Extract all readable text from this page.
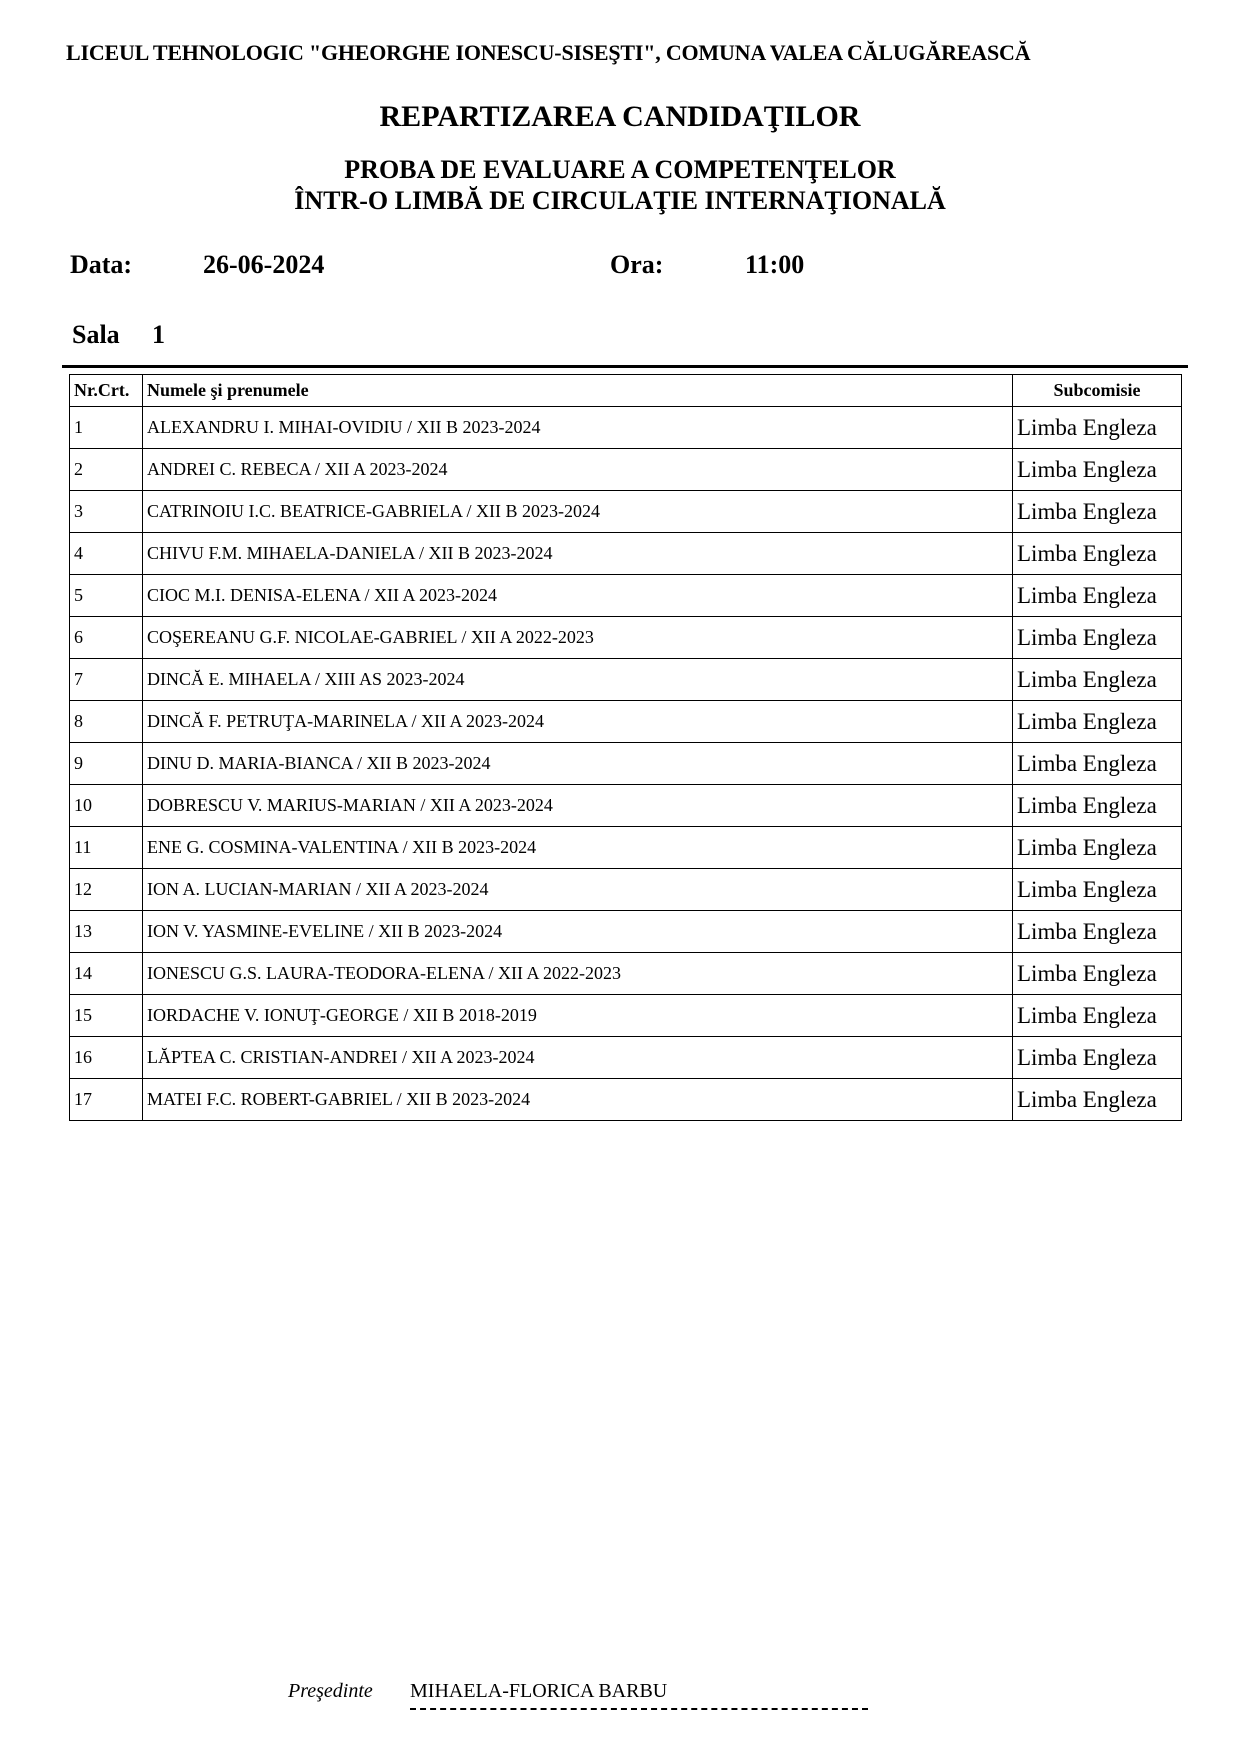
LICEUL TEHNOLOGIC "GHEORGHE IONESCU-SISEŞTI", COMUNA VALEA CĂLUGĂREASCĂ
REPARTIZAREA CANDIDAŢILOR
PROBA DE EVALUARE A COMPETENŢELOR
ÎNTR-O LIMBĂ DE CIRCULAŢIE INTERNAŢIONALĂ
Data:	26-06-2024	Ora:	11:00
Sala 1
Nr.Crt.	Numele şi prenumele	Subcomisie
1	ALEXANDRU I. MIHAI-OVIDIU / XII B 2023-2024	Limba Engleza
2	ANDREI C. REBECA / XII A 2023-2024	Limba Engleza
3	CATRINOIU I.C. BEATRICE-GABRIELA / XII B 2023-2024	Limba Engleza
4	CHIVU F.M. MIHAELA-DANIELA / XII B 2023-2024	Limba Engleza
5	CIOC M.I. DENISA-ELENA / XII A 2023-2024	Limba Engleza
6	COŞEREANU G.F. NICOLAE-GABRIEL / XII A 2022-2023	Limba Engleza
7	DINCĂ E. MIHAELA / XIII AS 2023-2024	Limba Engleza
8	DINCĂ F. PETRUŢA-MARINELA / XII A 2023-2024	Limba Engleza
9	DINU D. MARIA-BIANCA / XII B 2023-2024	Limba Engleza
10	DOBRESCU V. MARIUS-MARIAN / XII A 2023-2024	Limba Engleza
11	ENE G. COSMINA-VALENTINA / XII B 2023-2024	Limba Engleza
12	ION A. LUCIAN-MARIAN / XII A 2023-2024	Limba Engleza
13	ION V. YASMINE-EVELINE / XII B 2023-2024	Limba Engleza
14	IONESCU G.S. LAURA-TEODORA-ELENA / XII A 2022-2023	Limba Engleza
15	IORDACHE V. IONUŢ-GEORGE / XII B 2018-2019	Limba Engleza
16	LĂPTEA C. CRISTIAN-ANDREI / XII A 2023-2024	Limba Engleza
17	MATEI F.C. ROBERT-GABRIEL / XII B 2023-2024	Limba Engleza
Preşedinte MIHAELA-FLORICA BARBU
